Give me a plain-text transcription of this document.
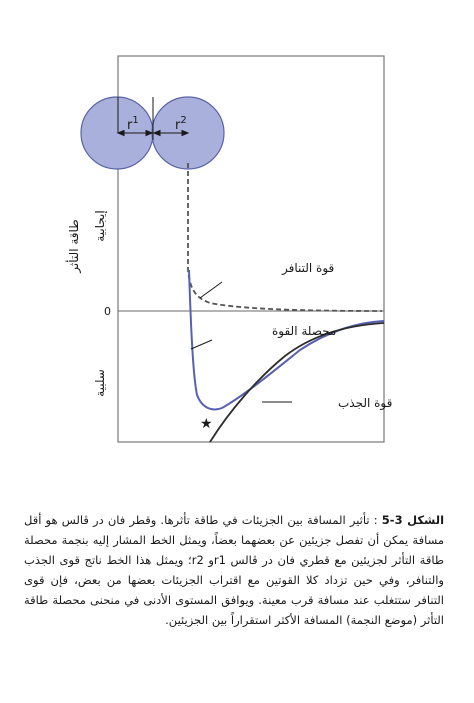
$r^1$	$r^2$
قوة التنافر
محصلة القوة
قوة الجذب
★
0
طاقة التأثر إيجابية
سلبية
الشكل 3-5 : تأثير المسافة بين الجزيئات في طاقة تأثرها. وقطر فان در ڤالس هو أقل مسافة يمكن أن تفصل جزيئين عن بعضهما بعضاً، ويمثل الخط المشار إليه بنجمة محصلة طاقة التأثر لجزيئين مع قطري فان در ڤالس r1و r2؛ ويمثل هذا الخط ناتج قوى الجذب والتنافر، وفي حين تزداد كلا القوتين مع اقتراب الجزيئات بعضها من بعض، فإن قوى التنافر ستتغلب عند مسافة قرب معينة. ويوافق المستوى الأدنى في منحنى محصلة طاقة التأثر (موضع النجمة) المسافة الأكثر استقراراً بين الجزيئين.
